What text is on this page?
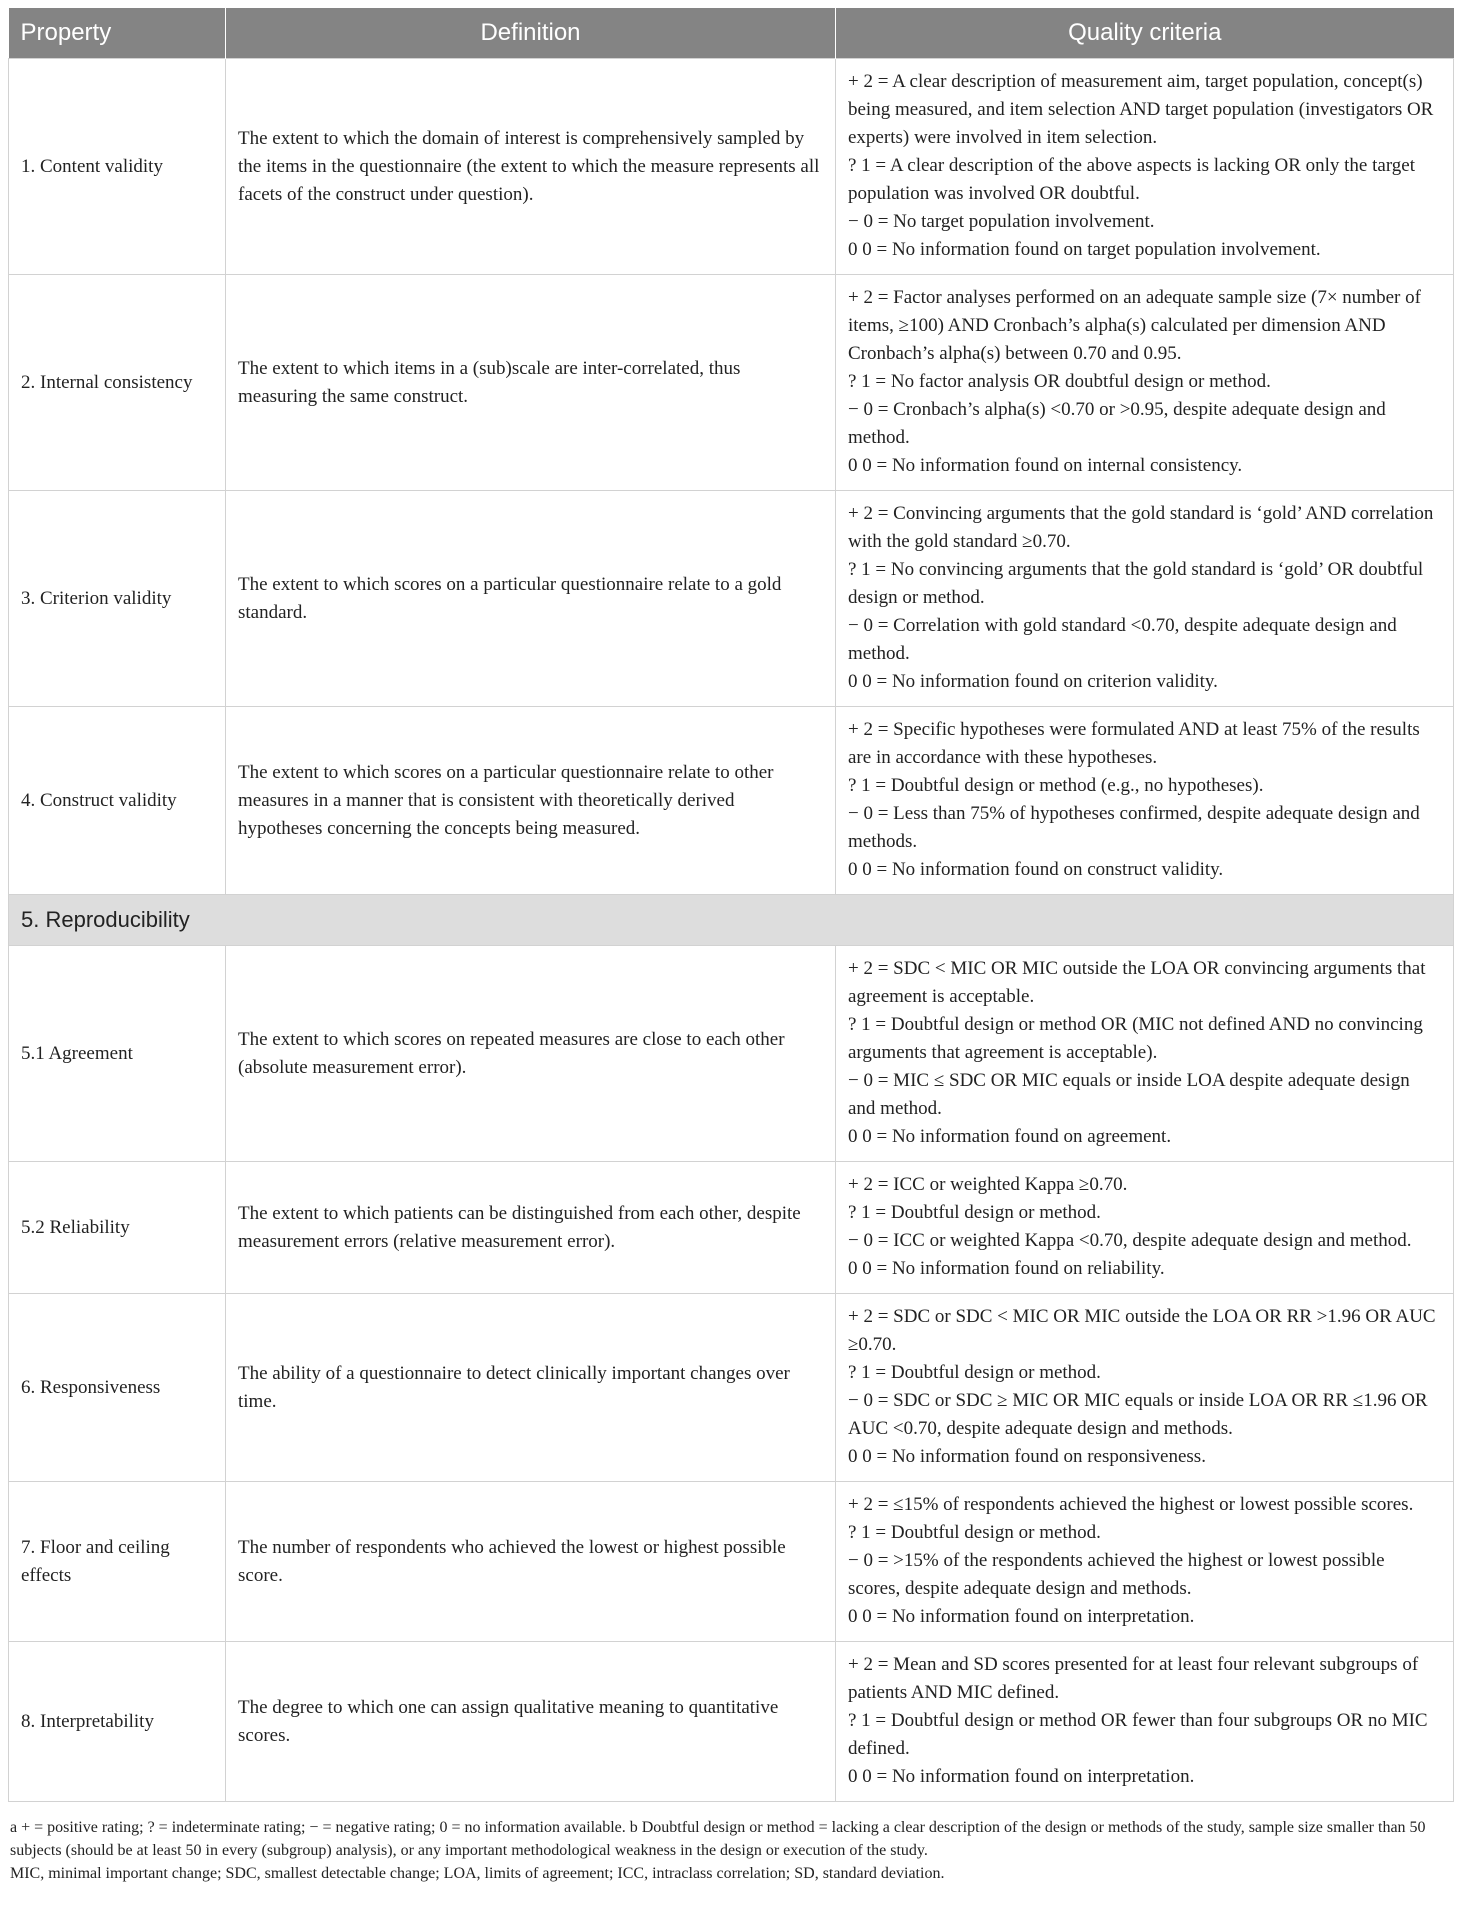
Property	Definition	Quality criteria
1. Content validity	The extent to which the domain of interest is comprehensively sampled by the items in the questionnaire (the extent to which the measure represents all facets of the construct under question).	+ 2 = A clear description of measurement aim, target population, concept(s) being measured, and item selection AND target population (investigators OR experts) were involved in item selection.
? 1 = A clear description of the above aspects is lacking OR only the target population was involved OR doubtful.
− 0 = No target population involvement.
0 0 = No information found on target population involvement.

2. Internal consistency	The extent to which items in a (sub)scale are inter-correlated, thus measuring the same construct.	+ 2 = Factor analyses performed on an adequate sample size (7× number of items, ≥100) AND Cronbach’s alpha(s) calculated per dimension AND Cronbach’s alpha(s) between 0.70 and 0.95.
? 1 = No factor analysis OR doubtful design or method.
− 0 = Cronbach’s alpha(s) <0.70 or >0.95, despite adequate design and method.
0 0 = No information found on internal consistency.

3. Criterion validity	The extent to which scores on a particular questionnaire relate to a gold standard.	+ 2 = Convincing arguments that the gold standard is ‘gold’ AND correlation with the gold standard ≥0.70.
? 1 = No convincing arguments that the gold standard is ‘gold’ OR doubtful design or method.
− 0 = Correlation with gold standard <0.70, despite adequate design and method.
0 0 = No information found on criterion validity.

4. Construct validity	The extent to which scores on a particular questionnaire relate to other measures in a manner that is consistent with theoretically derived hypotheses concerning the concepts being measured.	+ 2 = Specific hypotheses were formulated AND at least 75% of the results are in accordance with these hypotheses.
? 1 = Doubtful design or method (e.g., no hypotheses).
− 0 = Less than 75% of hypotheses confirmed, despite adequate design and methods.
0 0 = No information found on construct validity.

5. Reproducibility		
5.1 Agreement	The extent to which scores on repeated measures are close to each other (absolute measurement error).	+ 2 = SDC < MIC OR MIC outside the LOA OR convincing arguments that agreement is acceptable.
? 1 = Doubtful design or method OR (MIC not defined AND no convincing arguments that agreement is acceptable).
− 0 = MIC ≤ SDC OR MIC equals or inside LOA despite adequate design and method.
0 0 = No information found on agreement.

5.2 Reliability	The extent to which patients can be distinguished from each other, despite measurement errors (relative measurement error).	+ 2 = ICC or weighted Kappa ≥0.70.
? 1 = Doubtful design or method.
− 0 = ICC or weighted Kappa <0.70, despite adequate design and method.
0 0 = No information found on reliability.

6. Responsiveness	The ability of a questionnaire to detect clinically important changes over time.	+ 2 = SDC or SDC < MIC OR MIC outside the LOA OR RR >1.96 OR AUC ≥0.70.
? 1 = Doubtful design or method.
− 0 = SDC or SDC ≥ MIC OR MIC equals or inside LOA OR RR ≤1.96 OR AUC <0.70, despite adequate design and methods.
0 0 = No information found on responsiveness.

7. Floor and ceiling effects	The number of respondents who achieved the lowest or highest possible score.	+ 2 = ≤15% of respondents achieved the highest or lowest possible scores.
? 1 = Doubtful design or method.
− 0 = >15% of the respondents achieved the highest or lowest possible scores, despite adequate design and methods.
0 0 = No information found on interpretation.

8. Interpretability	The degree to which one can assign qualitative meaning to quantitative scores.	+ 2 = Mean and SD scores presented for at least four relevant subgroups of patients AND MIC defined.
? 1 = Doubtful design or method OR fewer than four subgroups OR no MIC defined.
0 0 = No information found on interpretation.

a + = positive rating; ? = indeterminate rating; − = negative rating; 0 = no information available. b Doubtful design or method = lacking a clear description of the design or methods of the study, sample size smaller than 50 subjects (should be at least 50 in every (subgroup) analysis), or any important methodological weakness in the design or execution of the study.

MIC, minimal important change; SDC, smallest detectable change; LOA, limits of agreement; ICC, intraclass correlation; SD, standard deviation.
